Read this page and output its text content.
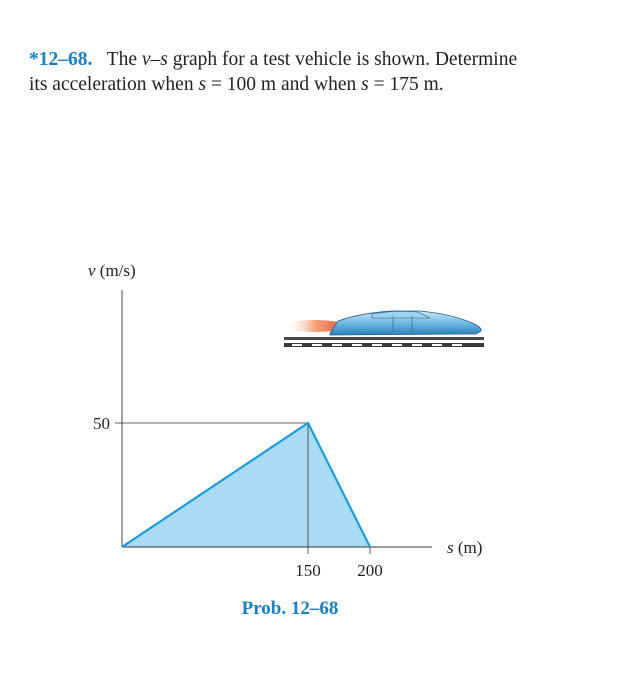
*12–68. The v–s graph for a test vehicle is shown. Determine
its acceleration when s = 100 m and when s = 175 m.
150 200
50
v (m/s)
s (m)
Prob. 12–68
